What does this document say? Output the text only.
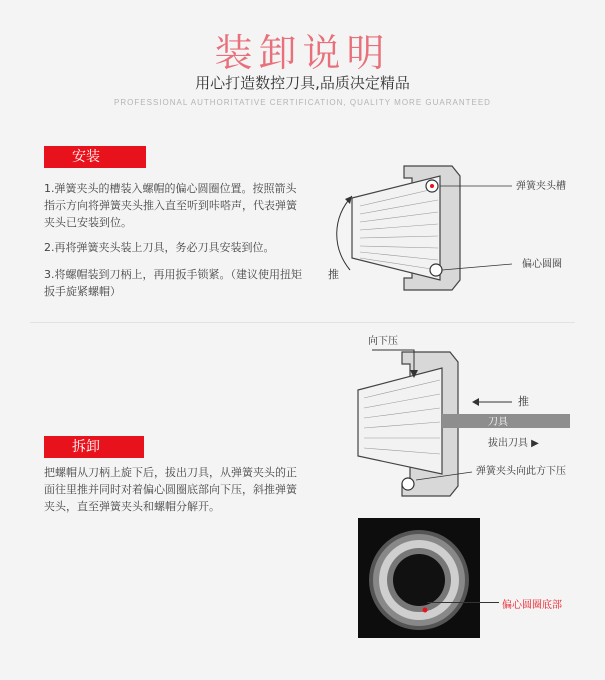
装卸说明
用心打造数控刀具,品质决定精品
PROFESSIONAL AUTHORITATIVE CERTIFICATION, QUALITY MORE GUARANTEED
安装
1.弹簧夹头的槽装入螺帽的偏心圆圈位置。按照箭头指示方向将弹簧夹头推入直至听到咔嗒声，代表弹簧夹头已安装到位。
2.再将弹簧夹头装上刀具，务必刀具安装到位。
3.将螺帽装到刀柄上，再用扳手锁紧。（建议使用扭矩扳手旋紧螺帽）
弹簧夹头槽
偏心圆圈
推
拆卸
把螺帽从刀柄上旋下后，拔出刀具，从弹簧夹头的正面往里推并同时对着偏心圆圈底部向下压，斜推弹簧夹头，直至弹簧夹头和螺帽分解开。
刀具
向下压
推
拔出刀具 ▶
弹簧夹头向此方下压
偏心圆圈底部
